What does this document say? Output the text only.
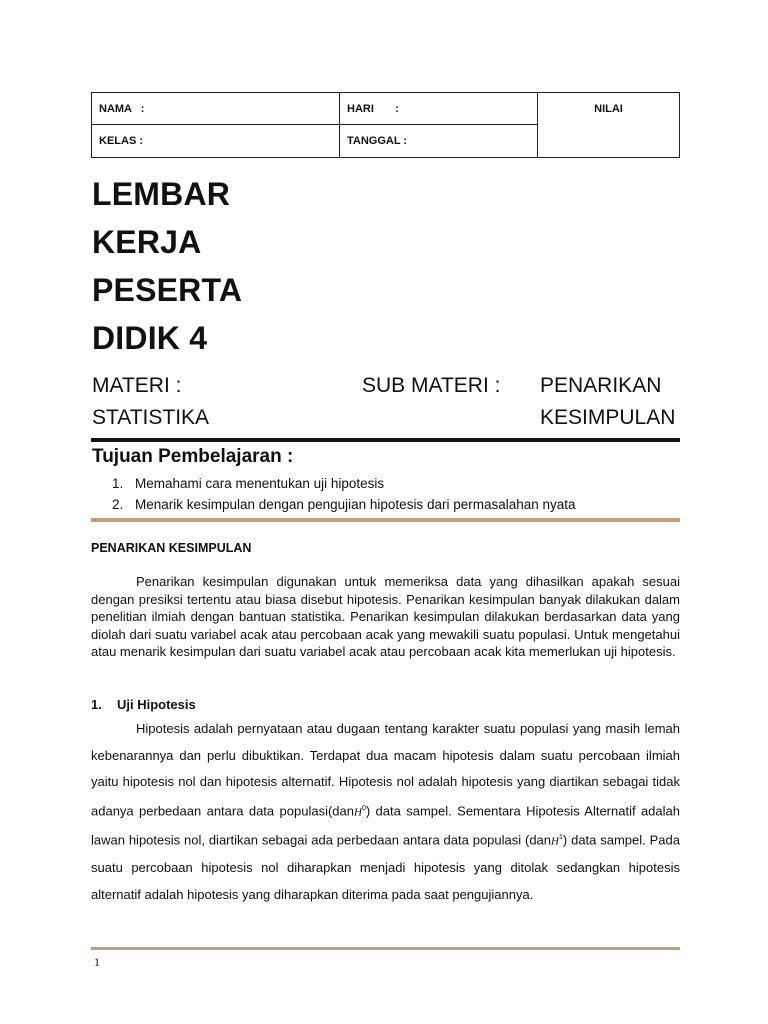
NAMA   :	HARI       :	NILAI
KELAS :	TANGGAL :
LEMBAR
KERJA
PESERTA
DIDIK 4
MATERI :
STATISTIKA
SUB MATERI : PENARIKAN
KESIMPULAN
Tujuan Pembelajaran :
1. Memahami cara menentukan uji hipotesis
2. Menarik kesimpulan dengan pengujian hipotesis dari permasalahan nyata
PENARIKAN KESIMPULAN
Penarikan kesimpulan digunakan untuk memeriksa data yang dihasilkan apakah sesuai dengan presiksi tertentu atau biasa disebut hipotesis. Penarikan kesimpulan banyak dilakukan dalam penelitian ilmiah dengan bantuan statistika. Penarikan kesimpulan dilakukan berdasarkan data yang diolah dari suatu variabel acak atau percobaan acak yang mewakili suatu populasi. Untuk mengetahui atau menarik kesimpulan dari suatu variabel acak atau percobaan acak kita memerlukan uji hipotesis.
1. Uji Hipotesis
Hipotesis adalah pernyataan atau dugaan tentang karakter suatu populasi yang masih lemah kebenarannya dan perlu dibuktikan. Terdapat dua macam hipotesis dalam suatu percobaan ilmiah yaitu hipotesis nol dan hipotesis alternatif. Hipotesis nol adalah hipotesis yang diartikan sebagai tidak adanya perbedaan antara data populasi(danH$^0$) data sampel. Sementara Hipotesis Alternatif adalah lawan hipotesis nol, diartikan sebagai ada perbedaan antara data populasi (danH$^1$) data sampel. Pada suatu percobaan hipotesis nol diharapkan menjadi hipotesis yang ditolak sedangkan hipotesis alternatif adalah hipotesis yang diharapkan diterima pada saat pengujiannya.
1
